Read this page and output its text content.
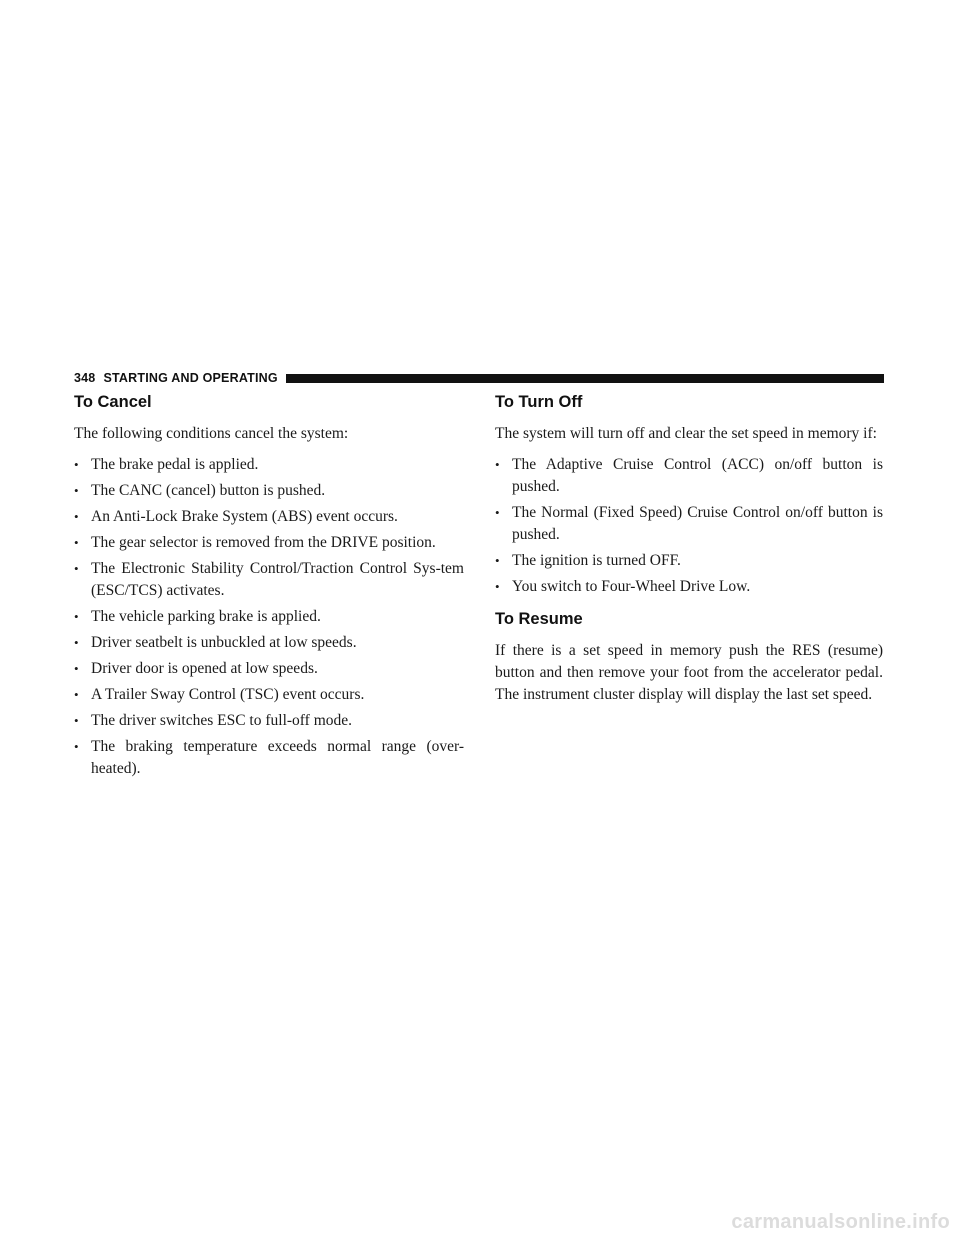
348 STARTING AND OPERATING
To Cancel

The following conditions cancel the system:

• The brake pedal is applied.
• The CANC (cancel) button is pushed.
• An Anti-Lock Brake System (ABS) event occurs.
• The gear selector is removed from the DRIVE position.
• The Electronic Stability Control/Traction Control Sys-tem (ESC/TCS) activates.
• The vehicle parking brake is applied.
• Driver seatbelt is unbuckled at low speeds.
• Driver door is opened at low speeds.
• A Trailer Sway Control (TSC) event occurs.
• The driver switches ESC to full-off mode.
• The braking temperature exceeds normal range (over-heated).
To Turn Off

The system will turn off and clear the set speed in memory if:

• The Adaptive Cruise Control (ACC) on/off button is pushed.
• The Normal (Fixed Speed) Cruise Control on/off button is pushed.
• The ignition is turned OFF.
• You switch to Four-Wheel Drive Low.
To Resume

If there is a set speed in memory push the RES (resume) button and then remove your foot from the accelerator pedal. The instrument cluster display will display the last set speed.

carmanualsonline.info
